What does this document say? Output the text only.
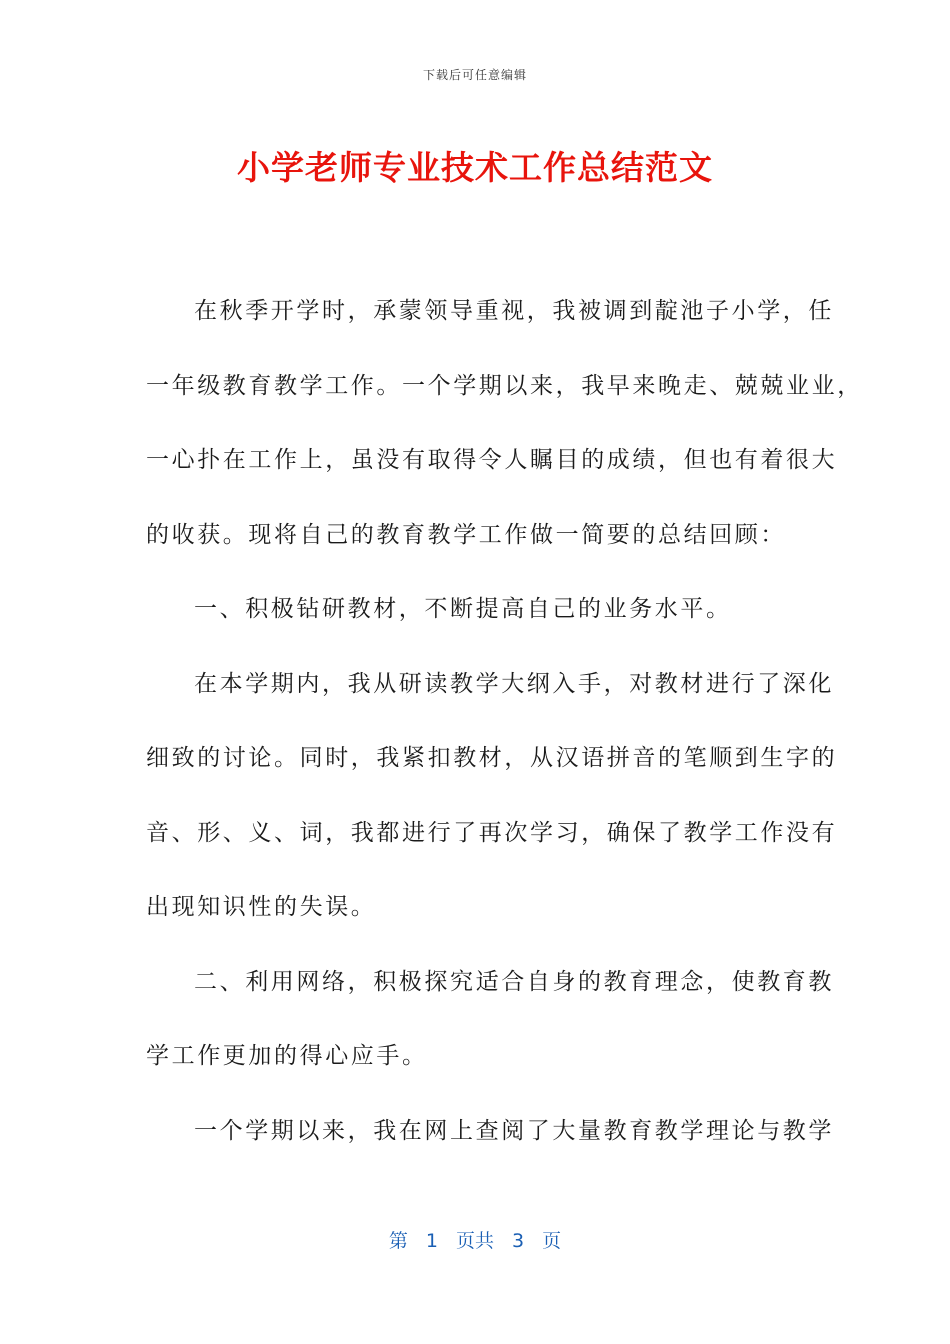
下载后可任意编辑
小学老师专业技术工作总结范文
在秋季开学时，承蒙领导重视，我被调到靛池子小学，任
一年级教育教学工作。一个学期以来，我早来晚走、兢兢业业，
一心扑在工作上，虽没有取得令人瞩目的成绩，但也有着很大
的收获。现将自己的教育教学工作做一简要的总结回顾：
一、积极钻研教材，不断提高自己的业务水平。
在本学期内，我从研读教学大纲入手，对教材进行了深化
细致的讨论。同时，我紧扣教材，从汉语拼音的笔顺到生字的
音、形、义、词，我都进行了再次学习，确保了教学工作没有
出现知识性的失误。
二、利用网络，积极探究适合自身的教育理念，使教育教
学工作更加的得心应手。
一个学期以来，我在网上查阅了大量教育教学理论与教学
第 1 页共 3 页
